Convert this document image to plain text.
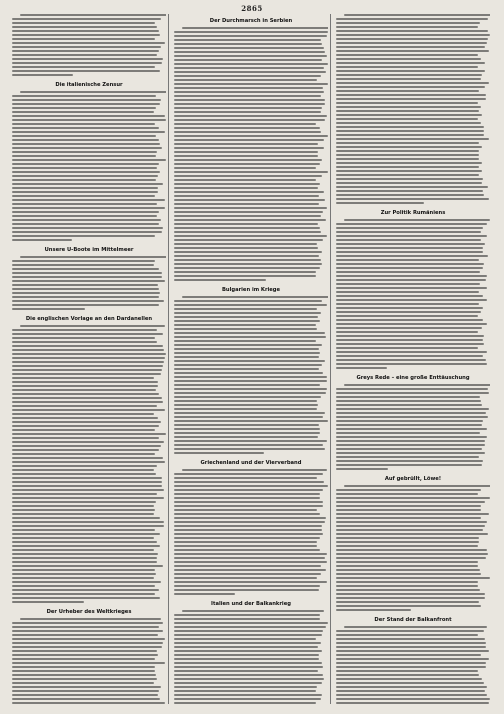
2865
Die italienische Zensur
Unsere U-Boote im Mittelmeer
Die englischen Vorlage an den Dardanellen
Der Urheber des Weltkrieges
Der Durchmarsch in Serbien
Bulgarien im Kriege
Griechenland und der Vierverband
Italien und der Balkankrieg
Zur Politik Rumäniens
Greys Rede – eine große Enttäuschung
Auf gebrüllt, Löwe!
Der Stand der Balkanfront
